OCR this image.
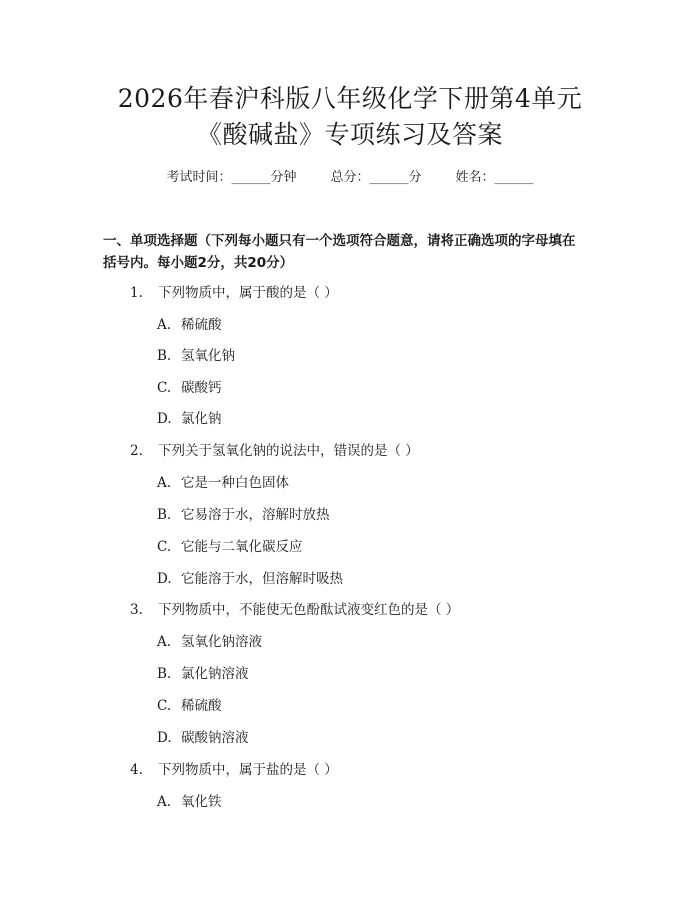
2026年春沪科版八年级化学下册第4单元
《酸碱盐》专项练习及答案
考试时间：______分钟	总分：______分	姓名：______
一、单项选择题（下列每小题只有一个选项符合题意，请将正确选项的字母填在
括号内。每小题2分，共20分）
1. 下列物质中，属于酸的是（ ）
A. 稀硫酸
B. 氢氧化钠
C. 碳酸钙
D. 氯化钠
2. 下列关于氢氧化钠的说法中，错误的是（ ）
A. 它是一种白色固体
B. 它易溶于水，溶解时放热
C. 它能与二氧化碳反应
D. 它能溶于水，但溶解时吸热
3. 下列物质中，不能使无色酚酞试液变红色的是（ ）
A. 氢氧化钠溶液
B. 氯化钠溶液
C. 稀硫酸
D. 碳酸钠溶液
4. 下列物质中，属于盐的是（ ）
A. 氧化铁
